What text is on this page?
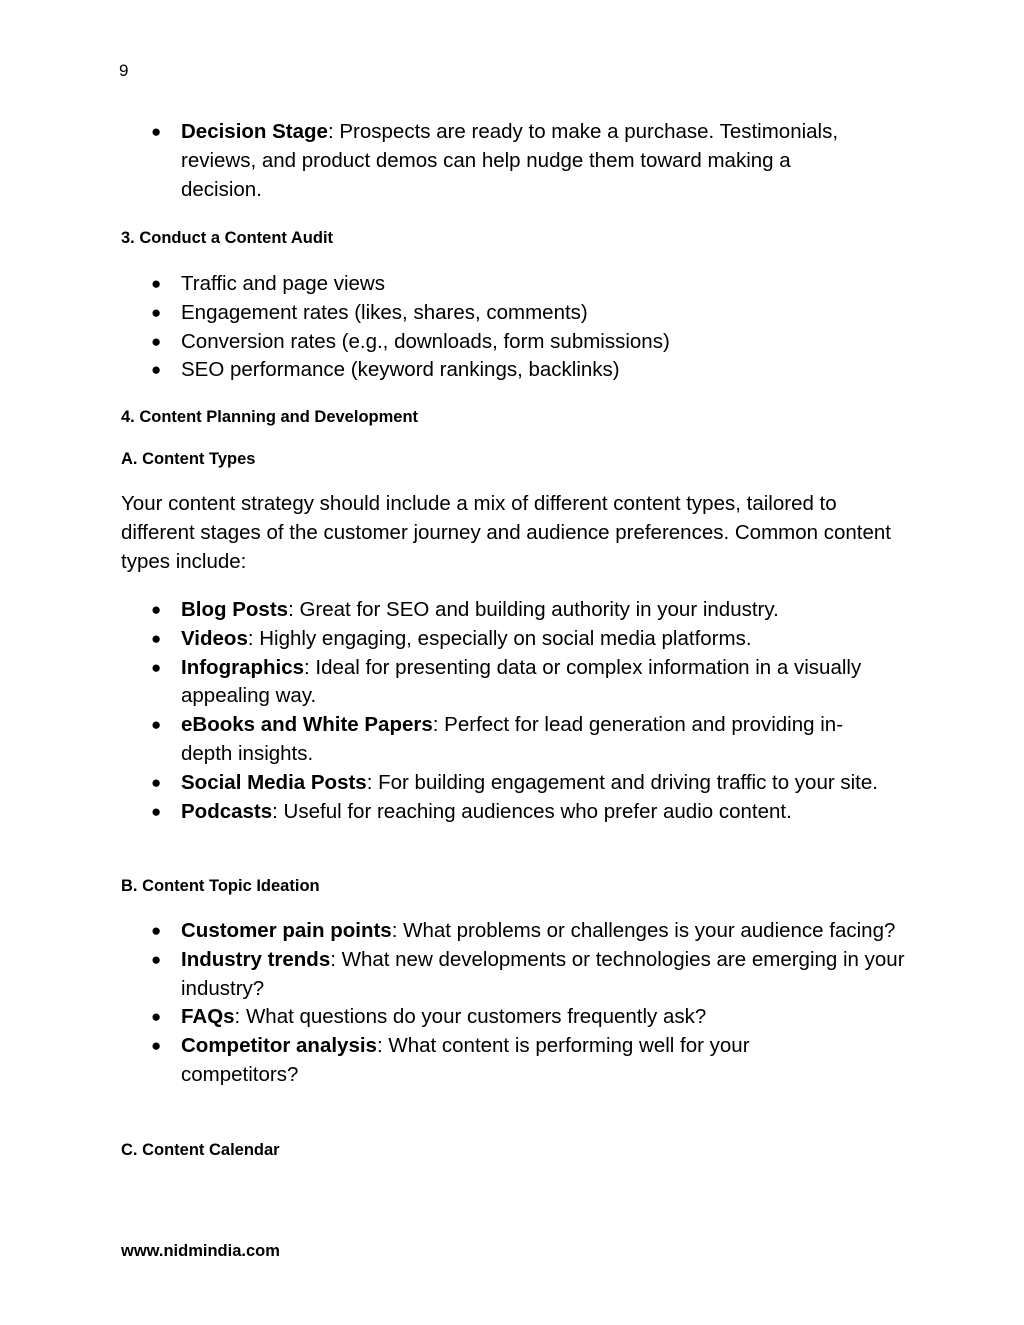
9
● Decision Stage: Prospects are ready to make a purchase. Testimonials, reviews, and product demos can help nudge them toward making a decision.

3. Conduct a Content Audit

● Traffic and page views
● Engagement rates (likes, shares, comments)
● Conversion rates (e.g., downloads, form submissions)
● SEO performance (keyword rankings, backlinks)

4. Content Planning and Development

A. Content Types

Your content strategy should include a mix of different content types, tailored to different stages of the customer journey and audience preferences. Common content types include:

● Blog Posts: Great for SEO and building authority in your industry.
● Videos: Highly engaging, especially on social media platforms.
● Infographics: Ideal for presenting data or complex information in a visually appealing way.
● eBooks and White Papers: Perfect for lead generation and providing in-depth insights.
● Social Media Posts: For building engagement and driving traffic to your site.
● Podcasts: Useful for reaching audiences who prefer audio content.

B. Content Topic Ideation

● Customer pain points: What problems or challenges is your audience facing?
● Industry trends: What new developments or technologies are emerging in your industry?
● FAQs: What questions do your customers frequently ask?
● Competitor analysis: What content is performing well for your competitors?

C. Content Calendar

www.nidmindia.com
